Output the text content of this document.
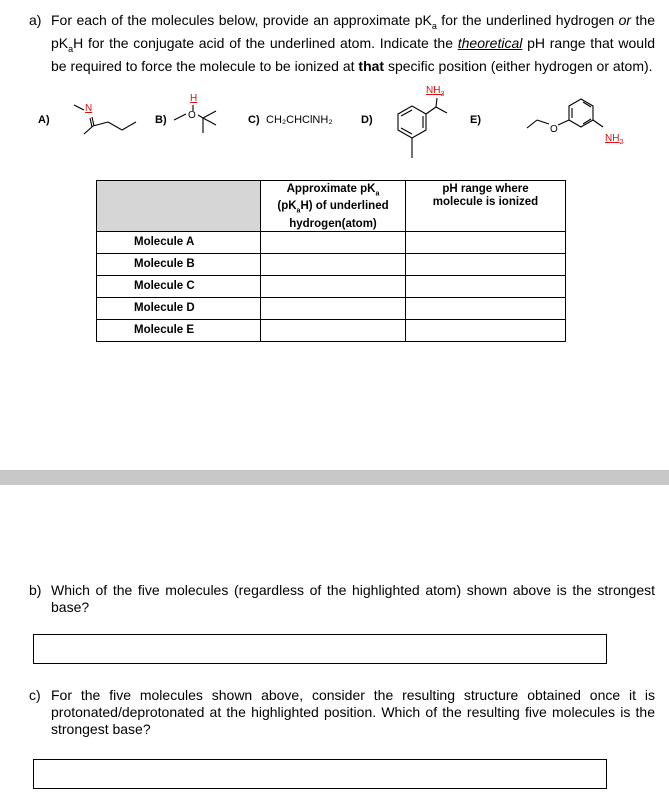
a) For each of the molecules below, provide an approximate $pK_a$ for the underlined hydrogen or the $pK_aH$ for the conjugate acid of the underlined atom. Indicate the theoretical pH range that would be required to force the molecule to be ionized at that specific position (either hydrogen or atom).
A)
N
B)
H
O	C) CH₂CHClNH₂	D)
$NH_3$
E)
O
$NH_2$
	Approximate $pK_a$
$(pK_aH)$ of underlined
hydrogen(atom)	pH range where
molecule is ionized
Molecule A		
Molecule B		
Molecule C		
Molecule D		
Molecule E		
b) Which of the five molecules (regardless of the highlighted atom) shown above is the strongest base?
c) For the five molecules shown above, consider the resulting structure obtained once it is protonated/deprotonated at the highlighted position. Which of the resulting five molecules is the strongest base?
